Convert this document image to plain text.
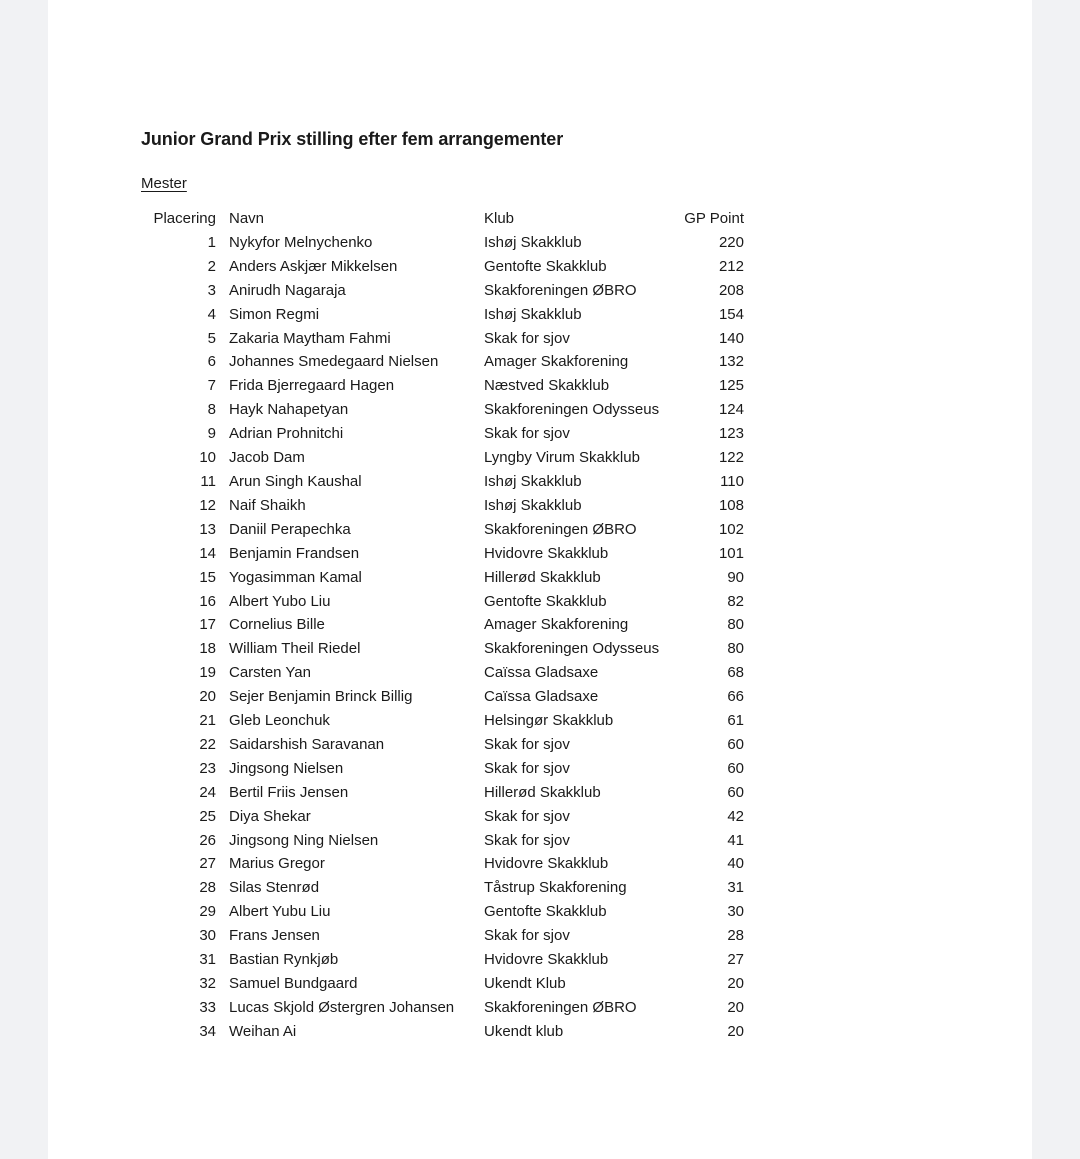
Junior Grand Prix stilling efter fem arrangementer

Mester

Placering Navn	Klub	GP Point
1 Nykyfor Melnychenko	Ishøj Skakklub	220
2 Anders Askjær Mikkelsen	Gentofte Skakklub	212
3 Anirudh Nagaraja	Skakforeningen ØBRO	208
4 Simon Regmi	Ishøj Skakklub	154
5 Zakaria Maytham Fahmi	Skak for sjov	140
6 Johannes Smedegaard Nielsen	Amager Skakforening	132
7 Frida Bjerregaard Hagen	Næstved Skakklub	125
8 Hayk Nahapetyan	Skakforeningen Odysseus	124
9 Adrian Prohnitchi	Skak for sjov	123
10 Jacob Dam	Lyngby Virum Skakklub	122
11 Arun Singh Kaushal	Ishøj Skakklub	110
12 Naif Shaikh	Ishøj Skakklub	108
13 Daniil Perapechka	Skakforeningen ØBRO	102
14 Benjamin Frandsen	Hvidovre Skakklub	101
15 Yogasimman Kamal	Hillerød Skakklub	90
16 Albert Yubo Liu	Gentofte Skakklub	82
17 Cornelius Bille	Amager Skakforening	80
18 William Theil Riedel	Skakforeningen Odysseus	80
19 Carsten Yan	Caïssa Gladsaxe	68
20 Sejer Benjamin Brinck Billig	Caïssa Gladsaxe	66
21 Gleb Leonchuk	Helsingør Skakklub	61
22 Saidarshish Saravanan	Skak for sjov	60
23 Jingsong Nielsen	Skak for sjov	60
24 Bertil Friis Jensen	Hillerød Skakklub	60
25 Diya Shekar	Skak for sjov	42
26 Jingsong Ning Nielsen	Skak for sjov	41
27 Marius Gregor	Hvidovre Skakklub	40
28 Silas Stenrød	Tåstrup Skakforening	31
29 Albert Yubu Liu	Gentofte Skakklub	30
30 Frans Jensen	Skak for sjov	28
31 Bastian Rynkjøb	Hvidovre Skakklub	27
32 Samuel Bundgaard	Ukendt Klub	20
33 Lucas Skjold Østergren Johansen	Skakforeningen ØBRO	20
34 Weihan Ai	Ukendt klub	20
